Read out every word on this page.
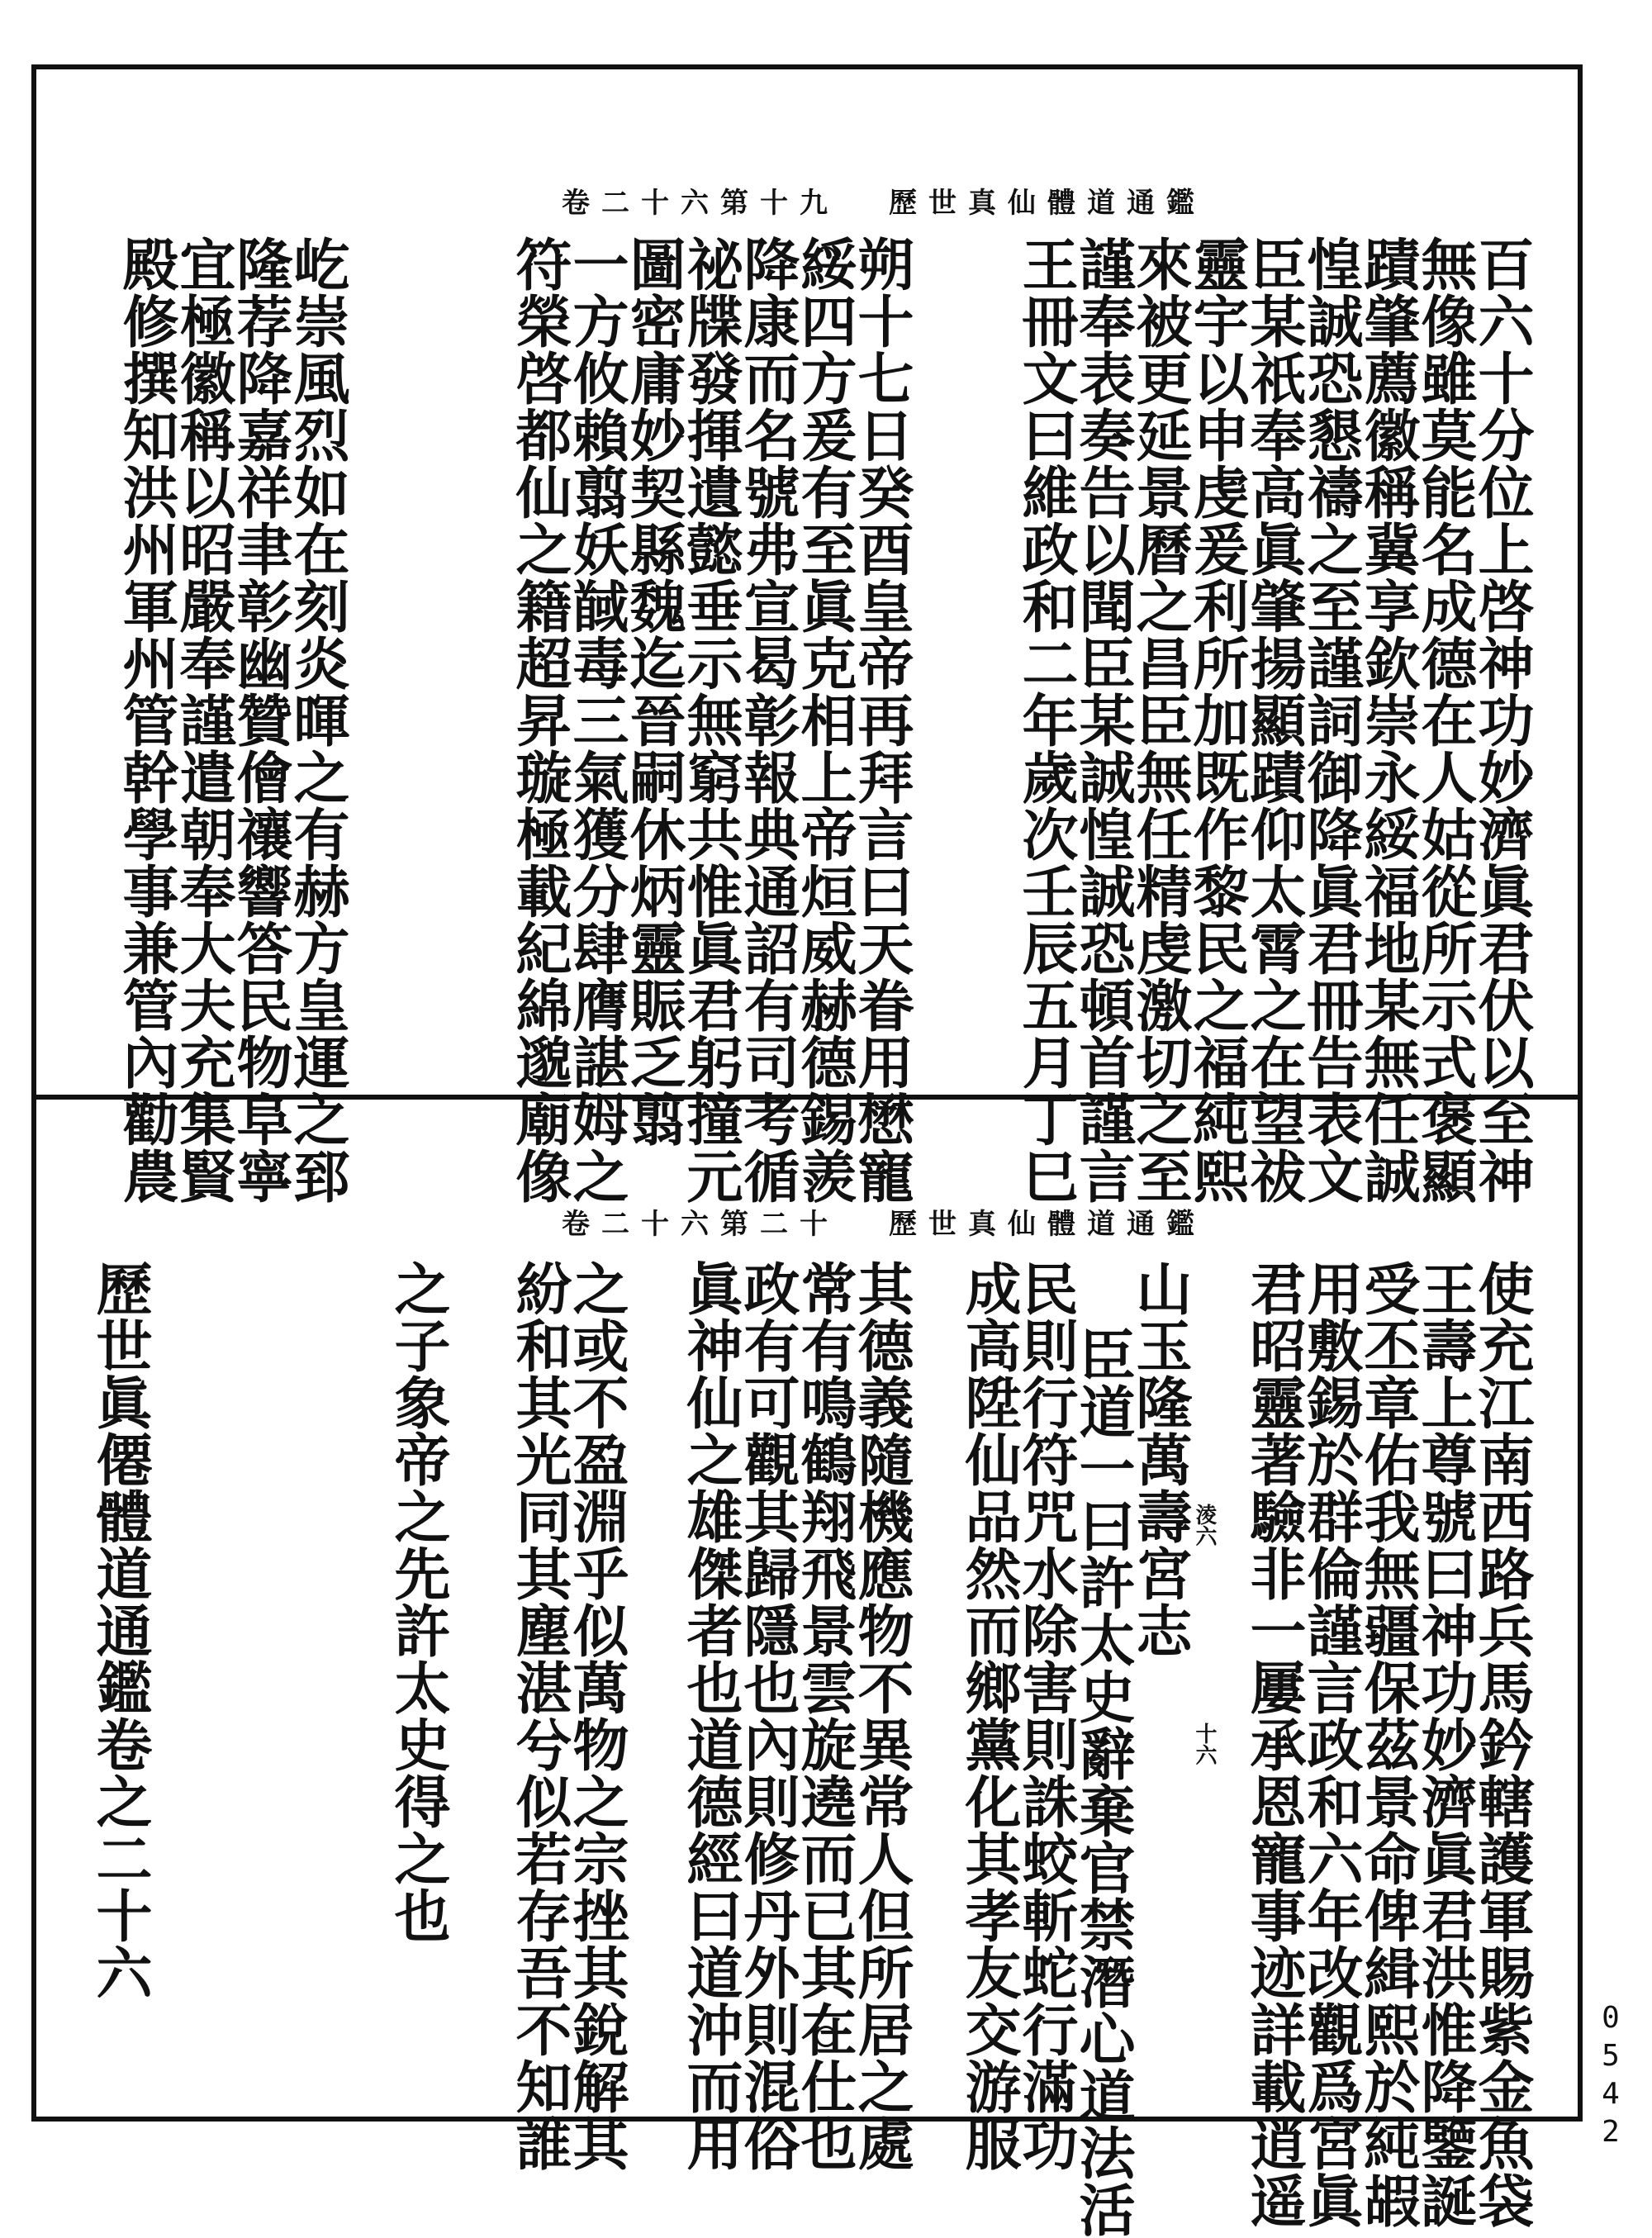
歷世真仙體道通鑑
卷二十六第十九
百六十分位上啓神功妙濟眞君伏以至神
無像雖莫能名成德在人姑從所示式褒顯
蹟肇薦徽稱冀享欽崇永綏福地某無任誠
惶誠恐懇禱之至謹詞御降眞君冊告表文
臣某祇奉高眞肇揚顯蹟仰太霄之在望祓
靈宇以申虔爰利所加既作黎民之福純熙
來被更延景曆之昌臣無任精虔激切之至
謹奉表奏告以聞臣某誠惶誠恐頓首謹言
王冊文曰維政和二年歲次壬辰五月丁巳
朔十七日癸酉皇帝再拜言曰天眷用懋寵
綏四方爰有至眞克相上帝烜威赫德錫羨
降康而名號弗宣曷彰報典通詔有司考循
祕牒發揮遺懿垂示無窮共惟眞君躬撞元
圖密庸妙契縣魏迄晉嗣休炳靈賑乏翦
一方攸賴翦妖馘毒三氣獲分肆膺諶姆之
符榮啓都仙之籍超昇璇極載紀綿邈廟像
屹崇風烈如在刻炎暉之有赫方皇運之郅
隆荐降嘉祥聿彰幽贊儈禳響答民物阜寧
宜極徽稱以昭嚴奉謹遣朝奉大夫充集賢
殿修撰知洪州軍州管幹學事兼管內勸農
歷世真仙體道通鑑
卷二十六第二十
使充江南西路兵馬鈐轄護軍賜紫金魚袋
王壽上尊號曰神功妙濟眞君洪惟降鑒誕
受丕章佑我無疆保茲景命俾緝熙於純嘏
用敷錫於群倫謹言政和六年改觀爲宮眞
君昭靈著驗非一屢承恩寵事迹詳載逍遥
山玉隆萬壽宮志
臣道一曰許太史辭棄官禁潛心道法活
民則行符咒水除害則誅蛟斬蛇行滿功
成高陞仙品然而鄉黨化其孝友交游服
其德義隨機應物不異常人但所居之處
常有鳴鶴翔飛景雲旋遶而已其在仕也
政有可觀其歸隱也內則修丹外則混俗
眞神仙之雄傑者也道德經曰道沖而用
之或不盈淵乎似萬物之宗挫其銳解其
紛和其光同其塵湛兮似若存吾不知誰
之子象帝之先許太史得之也
歷世眞僊體道通鑑卷之二十六	十六
淩六
0
5
4
2
